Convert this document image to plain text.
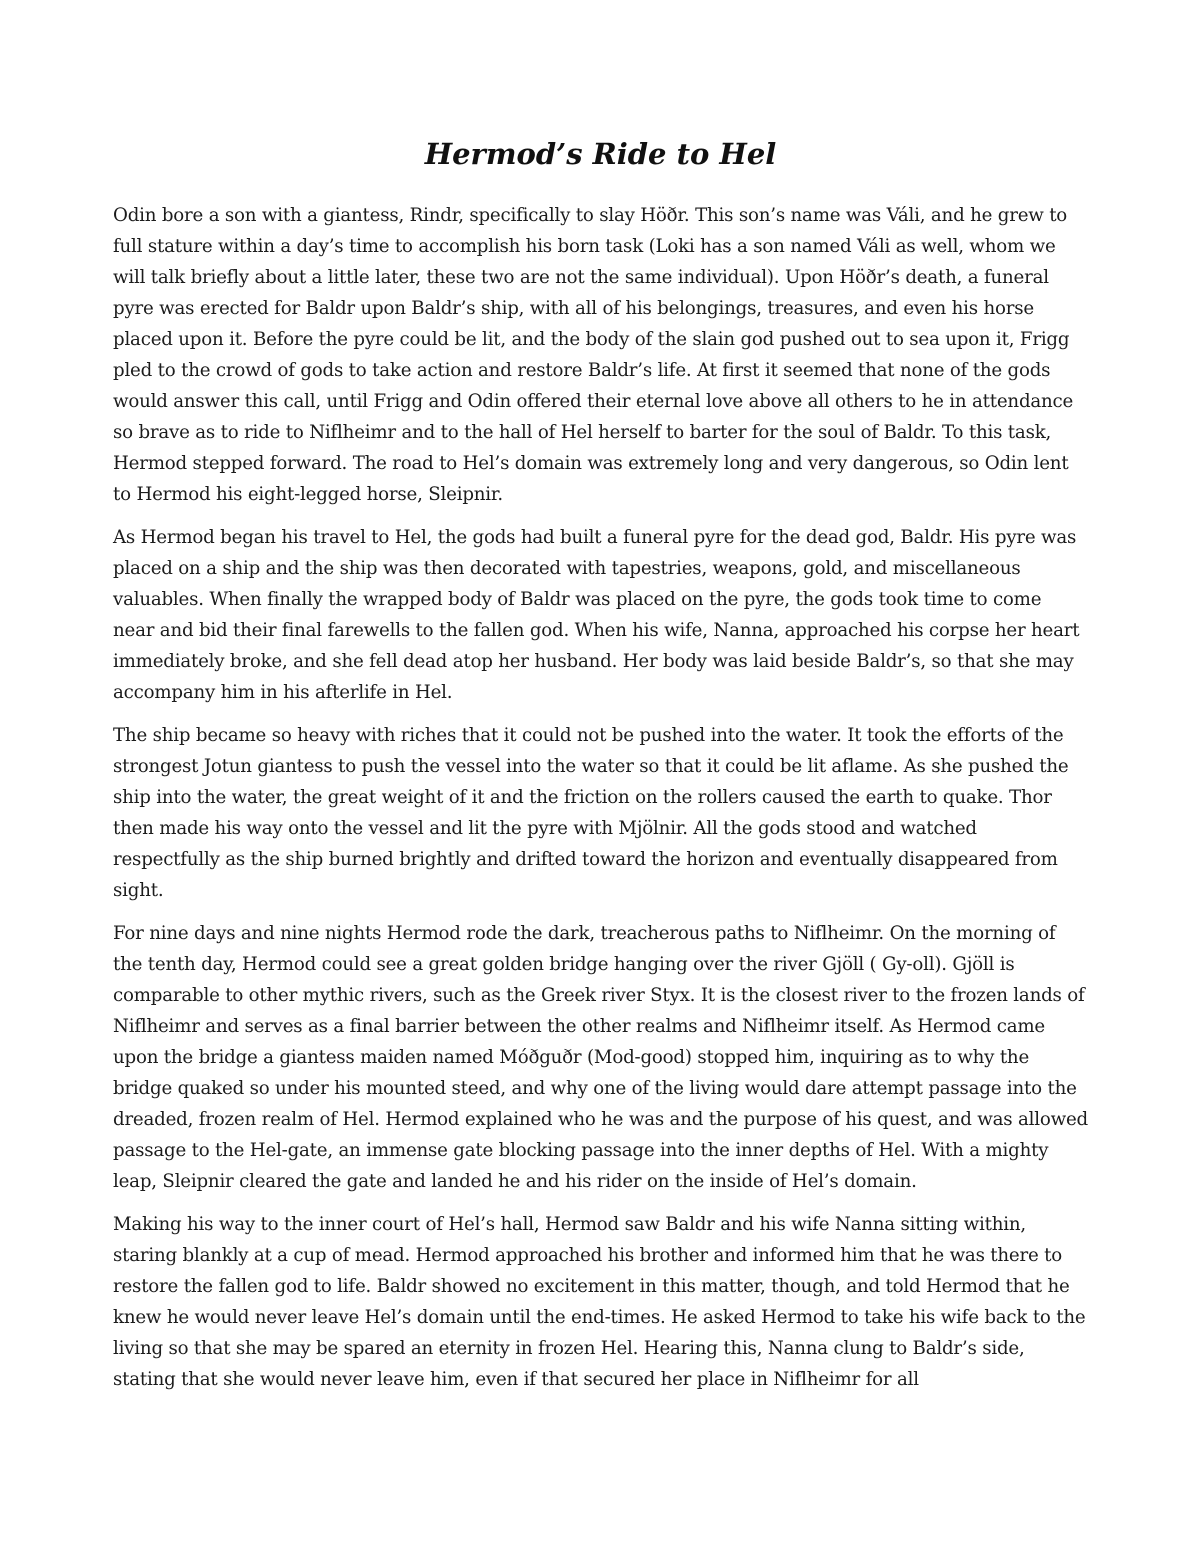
Hermod’s Ride to Hel

Odin bore a son with a giantess, Rindr, specifically to slay Höðr. This son’s name was Váli, and he grew to full stature within a day’s time to accomplish his born task (Loki has a son named Váli as well, whom we will talk briefly about a little later, these two are not the same individual). Upon Höðr’s death, a funeral pyre was erected for Baldr upon Baldr’s ship, with all of his belongings, treasures, and even his horse placed upon it. Before the pyre could be lit, and the body of the slain god pushed out to sea upon it, Frigg pled to the crowd of gods to take action and restore Baldr’s life. At first it seemed that none of the gods would answer this call, until Frigg and Odin offered their eternal love above all others to he in attendance so brave as to ride to Niflheimr and to the hall of Hel herself to barter for the soul of Baldr. To this task, Hermod stepped forward. The road to Hel’s domain was extremely long and very dangerous, so Odin lent to Hermod his eight-legged horse, Sleipnir.

As Hermod began his travel to Hel, the gods had built a funeral pyre for the dead god, Baldr. His pyre was placed on a ship and the ship was then decorated with tapestries, weapons, gold, and miscellaneous valuables. When finally the wrapped body of Baldr was placed on the pyre, the gods took time to come near and bid their final farewells to the fallen god. When his wife, Nanna, approached his corpse her heart immediately broke, and she fell dead atop her husband. Her body was laid beside Baldr’s, so that she may accompany him in his afterlife in Hel.

The ship became so heavy with riches that it could not be pushed into the water. It took the efforts of the strongest Jotun giantess to push the vessel into the water so that it could be lit aflame. As she pushed the ship into the water, the great weight of it and the friction on the rollers caused the earth to quake. Thor then made his way onto the vessel and lit the pyre with Mjölnir. All the gods stood and watched respectfully as the ship burned brightly and drifted toward the horizon and eventually disappeared from sight.

For nine days and nine nights Hermod rode the dark, treacherous paths to Niflheimr. On the morning of the tenth day, Hermod could see a great golden bridge hanging over the river Gjöll ( Gy-oll). Gjöll is comparable to other mythic rivers, such as the Greek river Styx. It is the closest river to the frozen lands of Niflheimr and serves as a final barrier between the other realms and Niflheimr itself. As Hermod came upon the bridge a giantess maiden named Móðguðr (Mod-good) stopped him, inquiring as to why the bridge quaked so under his mounted steed, and why one of the living would dare attempt passage into the dreaded, frozen realm of Hel. Hermod explained who he was and the purpose of his quest, and was allowed passage to the Hel-gate, an immense gate blocking passage into the inner depths of Hel. With a mighty leap, Sleipnir cleared the gate and landed he and his rider on the inside of Hel’s domain.

Making his way to the inner court of Hel’s hall, Hermod saw Baldr and his wife Nanna sitting within, staring blankly at a cup of mead. Hermod approached his brother and informed him that he was there to restore the fallen god to life. Baldr showed no excitement in this matter, though, and told Hermod that he knew he would never leave Hel’s domain until the end-times. He asked Hermod to take his wife back to the living so that she may be spared an eternity in frozen Hel. Hearing this, Nanna clung to Baldr’s side, stating that she would never leave him, even if that secured her place in Niflheimr for all
